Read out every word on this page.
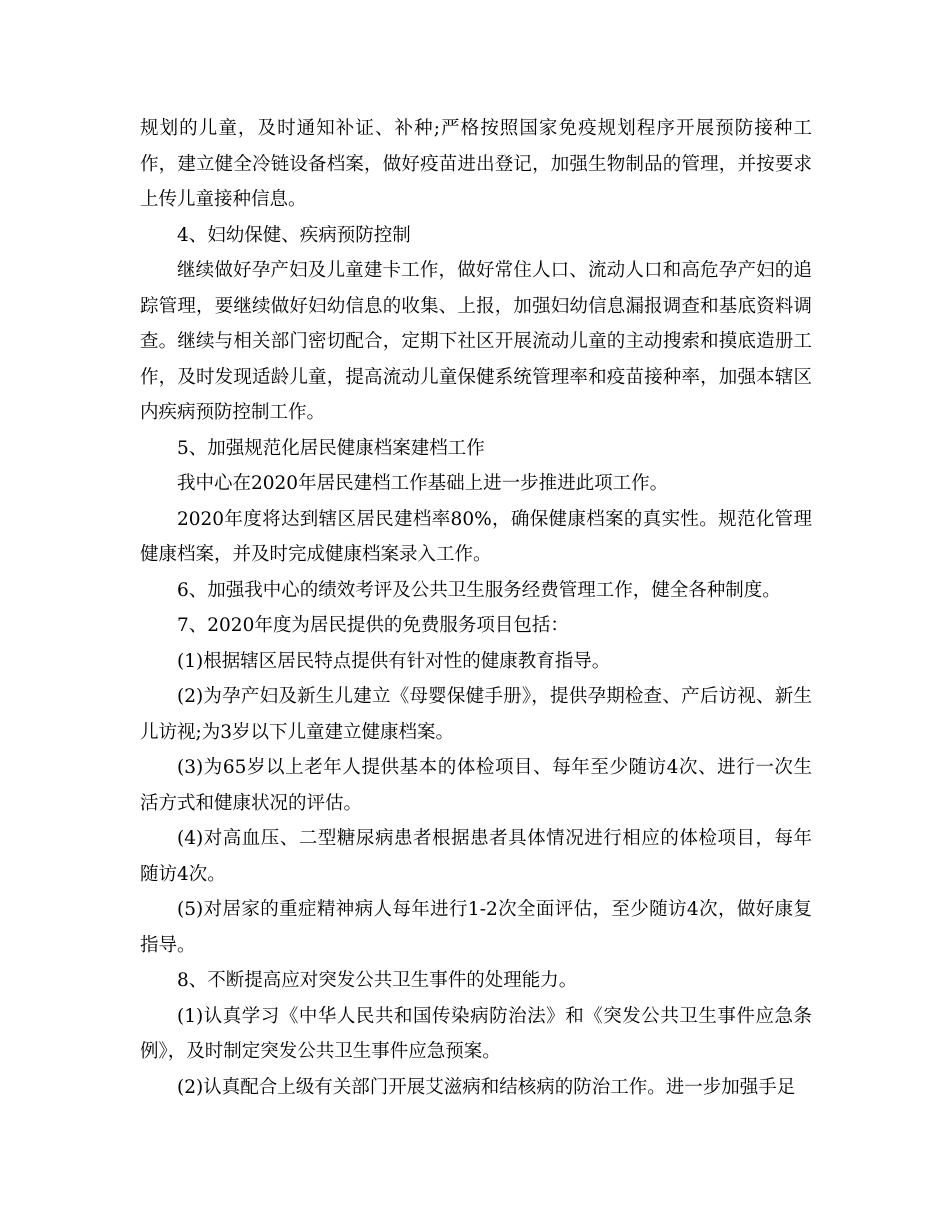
规划的儿童，及时通知补证、补种;严格按照国家免疫规划程序开展预防接种工作，建立健全冷链设备档案，做好疫苗进出登记，加强生物制品的管理，并按要求上传儿童接种信息。

4、妇幼保健、疾病预防控制

继续做好孕产妇及儿童建卡工作，做好常住人口、流动人口和高危孕产妇的追踪管理，要继续做好妇幼信息的收集、上报，加强妇幼信息漏报调查和基底资料调查。继续与相关部门密切配合，定期下社区开展流动儿童的主动搜索和摸底造册工作，及时发现适龄儿童，提高流动儿童保健系统管理率和疫苗接种率，加强本辖区内疾病预防控制工作。

5、加强规范化居民健康档案建档工作

我中心在2020年居民建档工作基础上进一步推进此项工作。

2020年度将达到辖区居民建档率80%，确保健康档案的真实性。规范化管理健康档案，并及时完成健康档案录入工作。

6、加强我中心的绩效考评及公共卫生服务经费管理工作，健全各种制度。

7、2020年度为居民提供的免费服务项目包括：

(1)根据辖区居民特点提供有针对性的健康教育指导。

(2)为孕产妇及新生儿建立《母婴保健手册》，提供孕期检查、产后访视、新生儿访视;为3岁以下儿童建立健康档案。

(3)为65岁以上老年人提供基本的体检项目、每年至少随访4次、进行一次生活方式和健康状况的评估。

(4)对高血压、二型糖尿病患者根据患者具体情况进行相应的体检项目，每年随访4次。

(5)对居家的重症精神病人每年进行1-2次全面评估，至少随访4次，做好康复指导。

8、不断提高应对突发公共卫生事件的处理能力。

(1)认真学习《中华人民共和国传染病防治法》和《突发公共卫生事件应急条例》，及时制定突发公共卫生事件应急预案。

(2)认真配合上级有关部门开展艾滋病和结核病的防治工作。进一步加强手足
